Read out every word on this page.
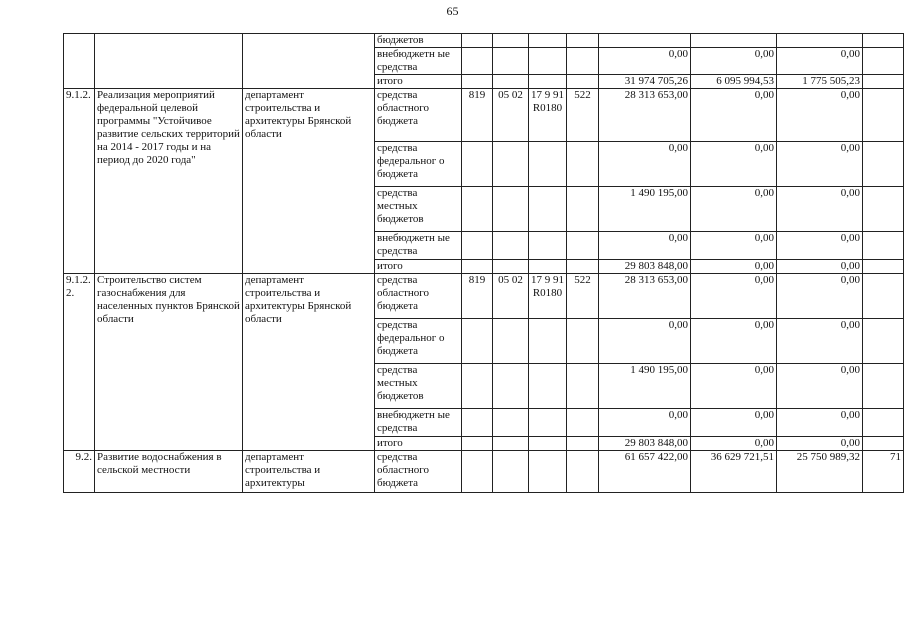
65
			бюджетов								
			внебюджетн ые средства					0,00	0,00	0,00	
			итого					31 974 705,26	6 095 994,53	1 775 505,23	
9.1.2.	Реализация мероприятий федеральной целевой программы "Устойчивое развитие сельских территорий на 2014 - 2017 годы и на период до 2020 года"	департамент строительства и архитектуры Брянской области	средства областного бюджета	819	05 02	17 9 91 R0180	522	28 313 653,00	0,00	0,00	
			средства федеральног о бюджета					0,00	0,00	0,00	
			средства местных бюджетов					1 490 195,00	0,00	0,00	
			внебюджетн ые средства					0,00	0,00	0,00	
			итого					29 803 848,00	0,00	0,00	
9.1.2. 2.	Строительство систем газоснабжения для населенных пунктов Брянской области	департамент строительства и архитектуры Брянской области	средства областного бюджета	819	05 02	17 9 91 R0180	522	28 313 653,00	0,00	0,00	
			средства федеральног о бюджета					0,00	0,00	0,00	
			средства местных бюджетов					1 490 195,00	0,00	0,00	
			внебюджетн ые средства					0,00	0,00	0,00	
			итого					29 803 848,00	0,00	0,00	
9.2.	Развитие водоснабжения в сельской местности	департамент строительства и архитектуры	средства областного бюджета					61 657 422,00	36 629 721,51	25 750 989,32	71
